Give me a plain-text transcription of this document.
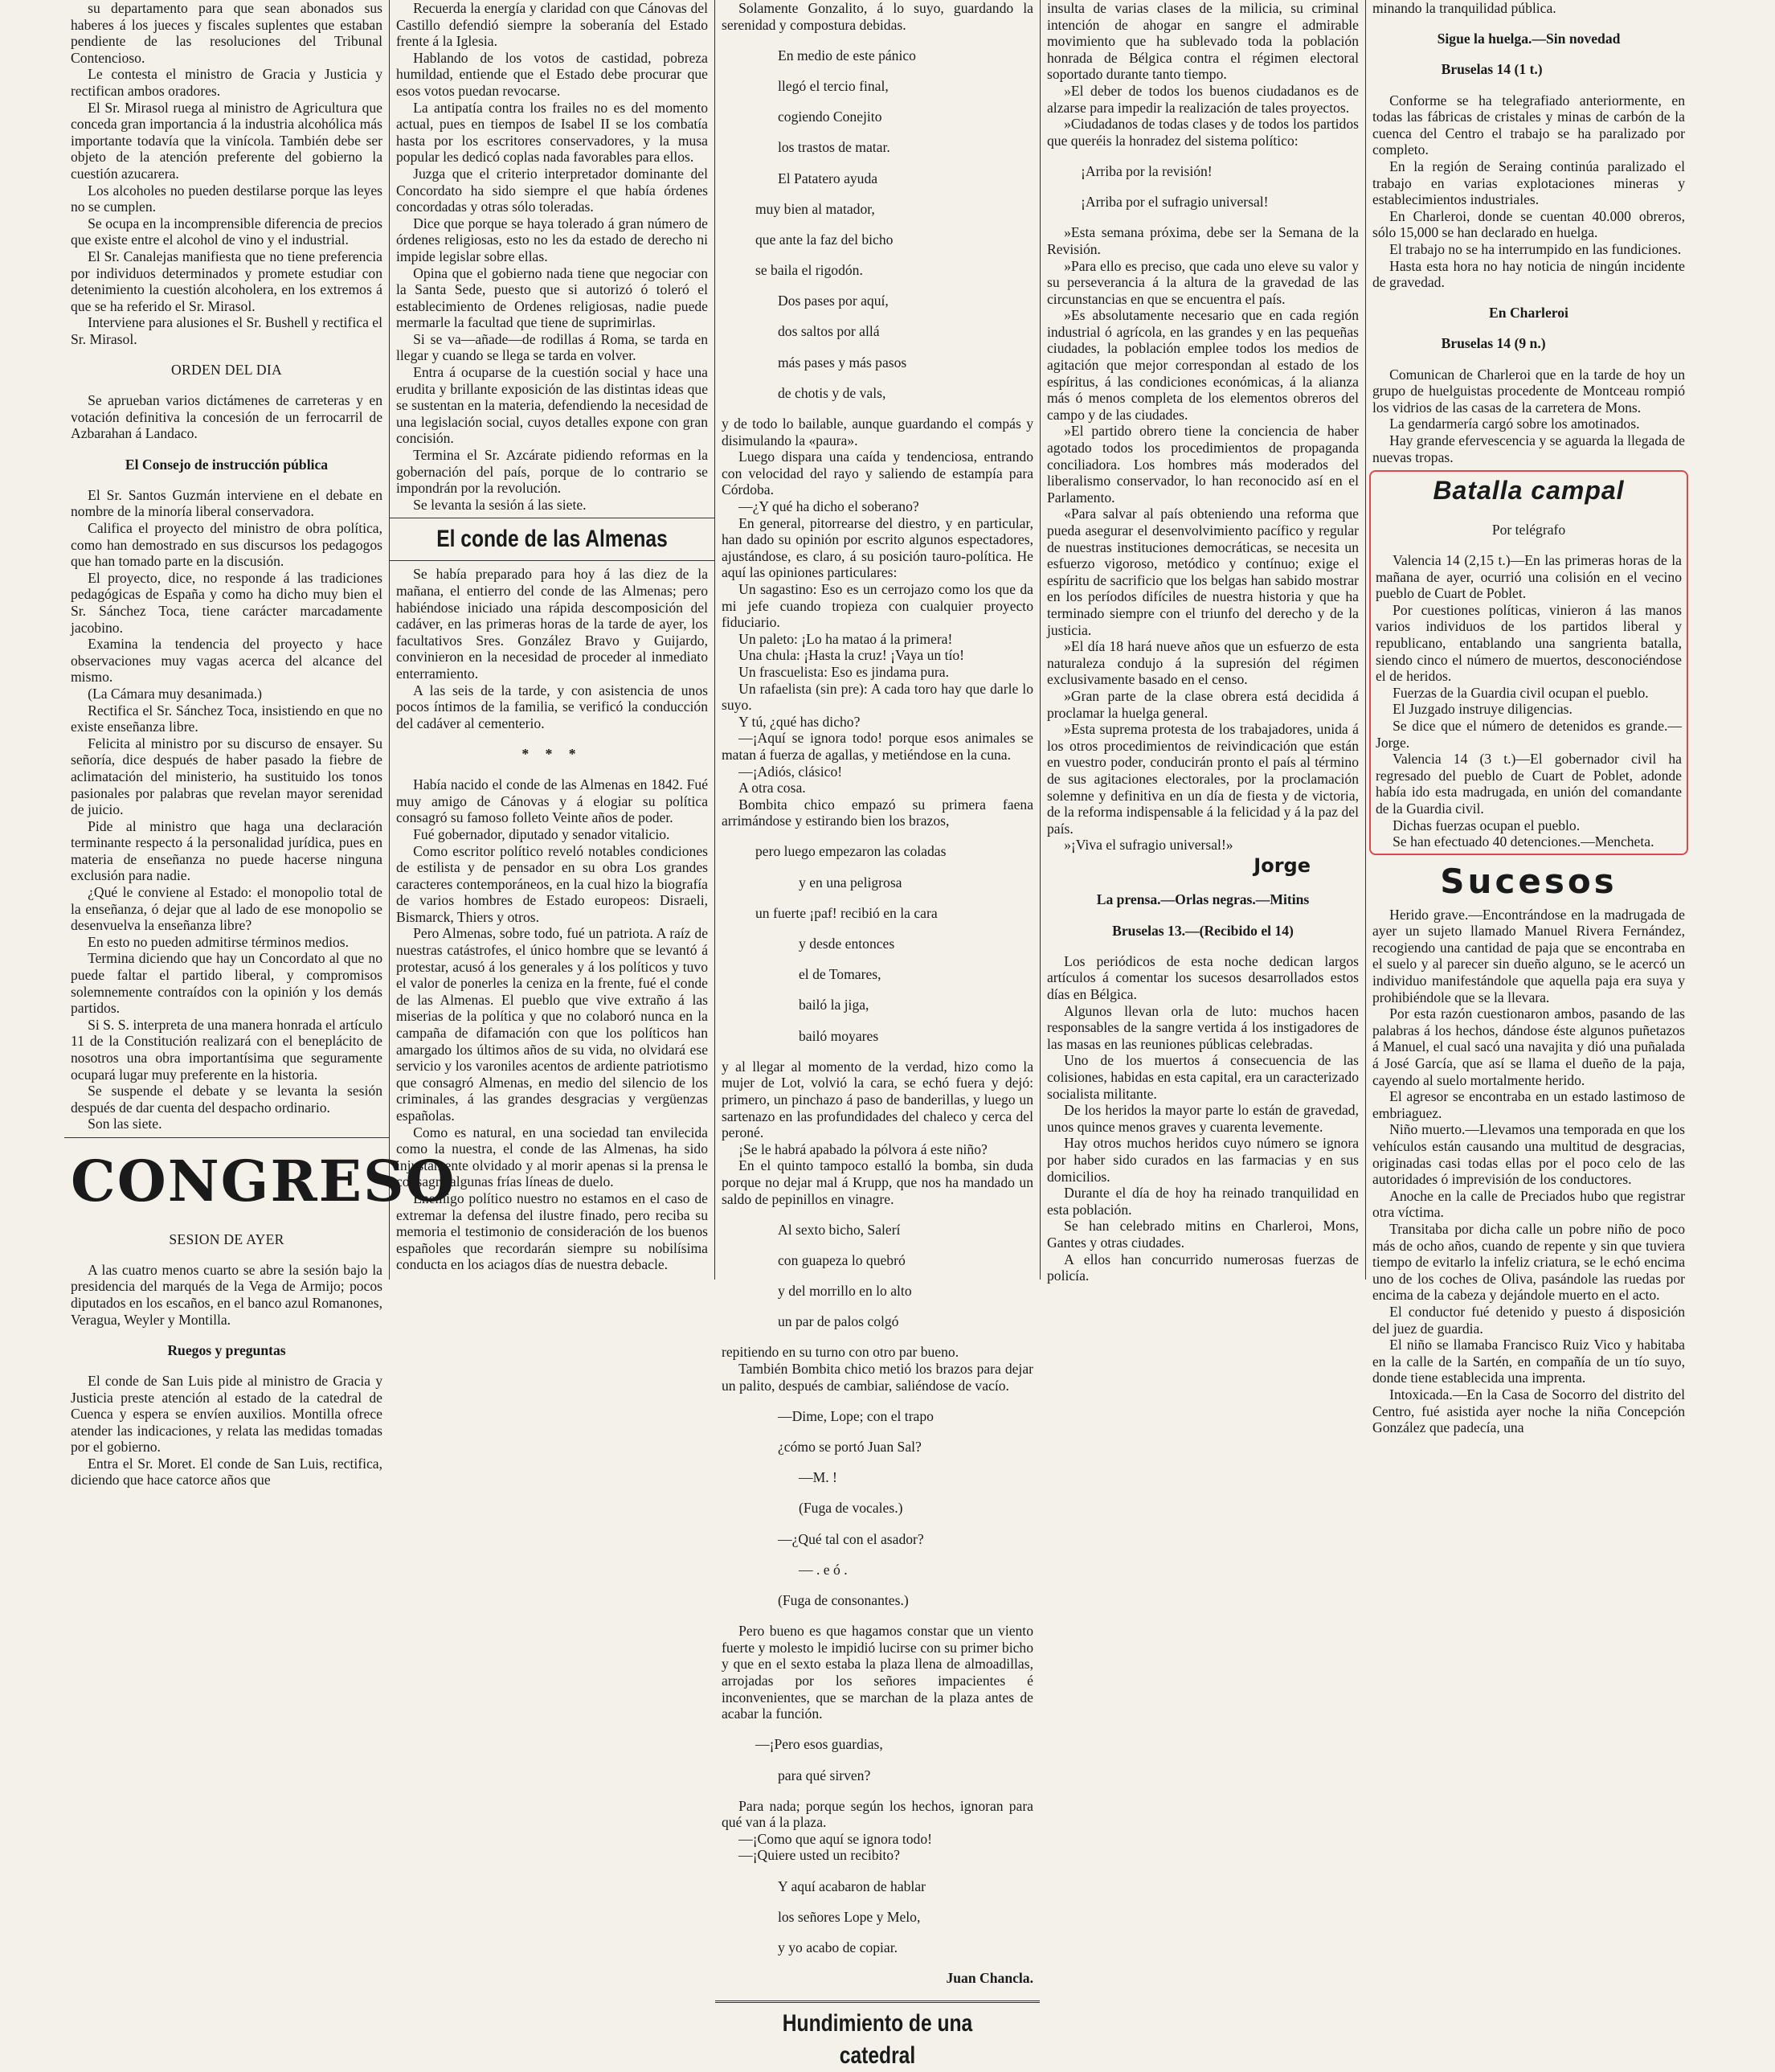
su departamento para que sean abonados sus haberes á los jueces y fiscales suplentes que estaban pendiente de las resoluciones del Tribunal Contencioso.

Le contesta el ministro de Gracia y Justicia y rectifican ambos oradores.

El Sr. Mirasol ruega al ministro de Agricultura que conceda gran importancia á la industria alcohólica más importante todavía que la vinícola. También debe ser objeto de la atención preferente del gobierno la cuestión azucarera.

Los alcoholes no pueden destilarse porque las leyes no se cumplen.

Se ocupa en la incomprensible diferencia de precios que existe entre el alcohol de vino y el industrial.

El Sr. Canalejas manifiesta que no tiene preferencia por individuos determinados y promete estudiar con detenimiento la cuestión alcoholera, en los extremos á que se ha referido el Sr. Mirasol.

Interviene para alusiones el Sr. Bushell y rectifica el Sr. Mirasol.

ORDEN DEL DIA

Se aprueban varios dictámenes de carreteras y en votación definitiva la concesión de un ferrocarril de Azbarahan á Landaco.

El Consejo de instrucción pública

El Sr. Santos Guzmán interviene en el debate en nombre de la minoría liberal conservadora.

Califica el proyecto del ministro de obra política, como han demostrado en sus discursos los pedagogos que han tomado parte en la discusión.

El proyecto, dice, no responde á las tradiciones pedagógicas de España y como ha dicho muy bien el Sr. Sánchez Toca, tiene carácter marcadamente jacobino.

Examina la tendencia del proyecto y hace observaciones muy vagas acerca del alcance del mismo.

(La Cámara muy desanimada.)

Rectifica el Sr. Sánchez Toca, insistiendo en que no existe enseñanza libre.

Felicita al ministro por su discurso de ensayer. Su señoría, dice después de haber pasado la fiebre de aclimatación del ministerio, ha sustituido los tonos pasionales por palabras que revelan mayor serenidad de juicio.

Pide al ministro que haga una declaración terminante respecto á la personalidad jurídica, pues en materia de enseñanza no puede hacerse ninguna exclusión para nadie.

¿Qué le conviene al Estado: el monopolio total de la enseñanza, ó dejar que al lado de ese monopolio se desenvuelva la enseñanza libre?

En esto no pueden admitirse términos medios.

Termina diciendo que hay un Concordato al que no puede faltar el partido liberal, y compromisos solemnemente contraídos con la opinión y los demás partidos.

Si S. S. interpreta de una manera honrada el artículo 11 de la Constitución realizará con el beneplácito de nosotros una obra importantísima que seguramente ocupará lugar muy preferente en la historia.

Se suspende el debate y se levanta la sesión después de dar cuenta del despacho ordinario.

Son las siete.

CONGRESO

SESION DE AYER

A las cuatro menos cuarto se abre la sesión bajo la presidencia del marqués de la Vega de Armijo; pocos diputados en los escaños, en el banco azul Romanones, Veragua, Weyler y Montilla.

Ruegos y preguntas

El conde de San Luis pide al ministro de Gracia y Justicia preste atención al estado de la catedral de Cuenca y espera se envíen auxilios. Montilla ofrece atender las indicaciones, y relata las medidas tomadas por el gobierno.

Entra el Sr. Moret. El conde de San Luis, rectifica, diciendo que hace catorce años que

Recuerda la energía y claridad con que Cánovas del Castillo defendió siempre la soberanía del Estado frente á la Iglesia.

Hablando de los votos de castidad, pobreza humildad, entiende que el Estado debe procurar que esos votos puedan revocarse.

La antipatía contra los frailes no es del momento actual, pues en tiempos de Isabel II se los combatía hasta por los escritores conservadores, y la musa popular les dedicó coplas nada favorables para ellos.

Juzga que el criterio interpretador dominante del Concordato ha sido siempre el que había órdenes concordadas y otras sólo toleradas.

Dice que porque se haya tolerado á gran número de órdenes religiosas, esto no les da estado de derecho ni impide legislar sobre ellas.

Opina que el gobierno nada tiene que negociar con la Santa Sede, puesto que si autorizó ó toleró el establecimiento de Ordenes religiosas, nadie puede mermarle la facultad que tiene de suprimirlas.

Si se va—añade—de rodillas á Roma, se tarda en llegar y cuando se llega se tarda en volver.

Entra á ocuparse de la cuestión social y hace una erudita y brillante exposición de las distintas ideas que se sustentan en la materia, defendiendo la necesidad de una legislación social, cuyos detalles expone con gran concisión.

Termina el Sr. Azcárate pidiendo reformas en la gobernación del país, porque de lo contrario se impondrán por la revolución.

Se levanta la sesión á las siete.

El conde de las Almenas

Se había preparado para hoy á las diez de la mañana, el entierro del conde de las Almenas; pero habiéndose iniciado una rápida descomposición del cadáver, en las primeras horas de la tarde de ayer, los facultativos Sres. González Bravo y Guijardo, convinieron en la necesidad de proceder al inmediato enterramiento.

A las seis de la tarde, y con asistencia de unos pocos íntimos de la familia, se verificó la conducción del cadáver al cementerio.

* * *

Había nacido el conde de las Almenas en 1842. Fué muy amigo de Cánovas y á elogiar su política consagró su famoso folleto Veinte años de poder.

Fué gobernador, diputado y senador vitalicio.

Como escritor político reveló notables condiciones de estilista y de pensador en su obra Los grandes caracteres contemporáneos, en la cual hizo la biografía de varios hombres de Estado europeos: Disraeli, Bismarck, Thiers y otros.

Pero Almenas, sobre todo, fué un patriota. A raíz de nuestras catástrofes, el único hombre que se levantó á protestar, acusó á los generales y á los políticos y tuvo el valor de ponerles la ceniza en la frente, fué el conde de las Almenas. El pueblo que vive extraño á las miserias de la política y que no colaboró nunca en la campaña de difamación con que los políticos han amargado los últimos años de su vida, no olvidará ese servicio y los varoniles acentos de ardiente patriotismo que consagró Almenas, en medio del silencio de los criminales, á las grandes desgracias y vergüenzas españolas.

Como es natural, en una sociedad tan envilecida como la nuestra, el conde de las Almenas, ha sido injustamente olvidado y al morir apenas si la prensa le consagra algunas frías líneas de duelo.

Enemigo político nuestro no estamos en el caso de extremar la defensa del ilustre finado, pero reciba su memoria el testimonio de consideración de los buenos españoles que recordarán siempre su nobilísima conducta en los aciagos días de nuestra debacle.

Solamente Gonzalito, á lo suyo, guardando la serenidad y compostura debidas.

En medio de este pánico

llegó el tercio final,

cogiendo Conejito

los trastos de matar.

El Patatero ayuda

muy bien al matador,

que ante la faz del bicho

se baila el rigodón.

Dos pases por aquí,

dos saltos por allá

más pases y más pasos

de chotis y de vals,

y de todo lo bailable, aunque guardando el compás y disimulando la «paura».

Luego dispara una caída y tendenciosa, entrando con velocidad del rayo y saliendo de estampía para Córdoba.

—¿Y qué ha dicho el soberano?

En general, pitorrearse del diestro, y en particular, han dado su opinión por escrito algunos espectadores, ajustándose, es claro, á su posición tauro-política. He aquí las opiniones particulares:

Un sagastino: Eso es un cerrojazo como los que da mi jefe cuando tropieza con cualquier proyecto fiduciario.

Un paleto: ¡Lo ha matao á la primera!

Una chula: ¡Hasta la cruz! ¡Vaya un tío!

Un frascuelista: Eso es jindama pura.

Un rafaelista (sin pre): A cada toro hay que darle lo suyo.

Y tú, ¿qué has dicho?

—¡Aquí se ignora todo! porque esos animales se matan á fuerza de agallas, y metiéndose en la cuna.

—¡Adiós, clásico!

A otra cosa.

Bombita chico empazó su primera faena arrimándose y estirando bien los brazos,

pero luego empezaron las coladas

y en una peligrosa

un fuerte ¡paf! recibió en la cara

y desde entonces

el de Tomares,

bailó la jiga,

bailó moyares

y al llegar al momento de la verdad, hizo como la mujer de Lot, volvió la cara, se echó fuera y dejó: primero, un pinchazo á paso de banderillas, y luego un sartenazo en las profundidades del chaleco y cerca del peroné.

¡Se le habrá apabado la pólvora á este niño?

En el quinto tampoco estalló la bomba, sin duda porque no dejar mal á Krupp, que nos ha mandado un saldo de pepinillos en vinagre.

Al sexto bicho, Salerí

con guapeza lo quebró

y del morrillo en lo alto

un par de palos colgó

repitiendo en su turno con otro par bueno.

También Bombita chico metió los brazos para dejar un palito, después de cambiar, saliéndose de vacío.

—Dime, Lope; con el trapo

¿cómo se portó Juan Sal?

—M. !

(Fuga de vocales.)

—¿Qué tal con el asador?

— . e ó .

(Fuga de consonantes.)

Pero bueno es que hagamos constar que un viento fuerte y molesto le impidió lucirse con su primer bicho y que en el sexto estaba la plaza llena de almoadillas, arrojadas por los señores impacientes é inconvenientes, que se marchan de la plaza antes de acabar la función.

—¡Pero esos guardias,

para qué sirven?

Para nada; porque según los hechos, ignoran para qué van á la plaza.

—¡Como que aquí se ignora todo!

—¡Quiere usted un recibito?

Y aquí acabaron de hablar

los señores Lope y Melo,

y yo acabo de copiar.

Juan Chancla.

Hundimiento de una catedral

insulta de varias clases de la milicia, su criminal intención de ahogar en sangre el admirable movimiento que ha sublevado toda la población honrada de Bélgica contra el régimen electoral soportado durante tanto tiempo.

»El deber de todos los buenos ciudadanos es de alzarse para impedir la realización de tales proyectos.

»Ciudadanos de todas clases y de todos los partidos que queréis la honradez del sistema político:

¡Arriba por la revisión!

¡Arriba por el sufragio universal!

»Esta semana próxima, debe ser la Semana de la Revisión.

»Para ello es preciso, que cada uno eleve su valor y su perseverancia á la altura de la gravedad de las circunstancias en que se encuentra el país.

»Es absolutamente necesario que en cada región industrial ó agrícola, en las grandes y en las pequeñas ciudades, la población emplee todos los medios de agitación que mejor correspondan al estado de los espíritus, á las condiciones económicas, á la alianza más ó menos completa de los elementos obreros del campo y de las ciudades.

»El partido obrero tiene la conciencia de haber agotado todos los procedimientos de propaganda conciliadora. Los hombres más moderados del liberalismo conservador, lo han reconocido así en el Parlamento.

«Para salvar al país obteniendo una reforma que pueda asegurar el desenvolvimiento pacífico y regular de nuestras instituciones democráticas, se necesita un esfuerzo vigoroso, metódico y contínuo; exige el espíritu de sacrificio que los belgas han sabido mostrar en los períodos difíciles de nuestra historia y que ha terminado siempre con el triunfo del derecho y de la justicia.

»El día 18 hará nueve años que un esfuerzo de esta naturaleza condujo á la supresión del régimen exclusivamente basado en el censo.

»Gran parte de la clase obrera está decidida á proclamar la huelga general.

»Esta suprema protesta de los trabajadores, unida á los otros procedimientos de reivindicación que están en vuestro poder, conducirán pronto el país al término de sus agitaciones electorales, por la proclamación solemne y definitiva en un día de fiesta y de victoria, de la reforma indispensable á la felicidad y á la paz del país.

»¡Viva el sufragio universal!»

Jorge

La prensa.—Orlas negras.—Mitins

Bruselas 13.—(Recibido el 14)

Los periódicos de esta noche dedican largos artículos á comentar los sucesos desarrollados estos días en Bélgica.

Algunos llevan orla de luto: muchos hacen responsables de la sangre vertida á los instigadores de las masas en las reuniones públicas celebradas.

Uno de los muertos á consecuencia de las colisiones, habidas en esta capital, era un caracterizado socialista militante.

De los heridos la mayor parte lo están de gravedad, unos quince menos graves y cuarenta levemente.

Hay otros muchos heridos cuyo número se ignora por haber sido curados en las farmacias y en sus domicilios.

Durante el día de hoy ha reinado tranquilidad en esta población.

Se han celebrado mitins en Charleroi, Mons, Gantes y otras ciudades.

A ellos han concurrido numerosas fuerzas de policía.

minando la tranquilidad pública.

Sigue la huelga.—Sin novedad

Bruselas 14 (1 t.)

Conforme se ha telegrafiado anteriormente, en todas las fábricas de cristales y minas de carbón de la cuenca del Centro el trabajo se ha paralizado por completo.

En la región de Seraing continúa paralizado el trabajo en varias explotaciones mineras y establecimientos industriales.

En Charleroi, donde se cuentan 40.000 obreros, sólo 15,000 se han declarado en huelga.

El trabajo no se ha interrumpido en las fundiciones.

Hasta esta hora no hay noticia de ningún incidente de gravedad.

En Charleroi

Bruselas 14 (9 n.)

Comunican de Charleroi que en la tarde de hoy un grupo de huelguistas procedente de Montceau rompió los vidrios de las casas de la carretera de Mons.

La gendarmería cargó sobre los amotinados.

Hay grande efervescencia y se aguarda la llegada de nuevas tropas.

Batalla campal

Por telégrafo

Valencia 14 (2,15 t.)—En las primeras horas de la mañana de ayer, ocurrió una colisión en el vecino pueblo de Cuart de Poblet.

Por cuestiones políticas, vinieron á las manos varios individuos de los partidos liberal y republicano, entablando una sangrienta batalla, siendo cinco el número de muertos, desconociéndose el de heridos.

Fuerzas de la Guardia civil ocupan el pueblo.

El Juzgado instruye diligencias.

Se dice que el número de detenidos es grande.—Jorge.

Valencia 14 (3 t.)—El gobernador civil ha regresado del pueblo de Cuart de Poblet, adonde había ido esta madrugada, en unión del comandante de la Guardia civil.

Dichas fuerzas ocupan el pueblo.

Se han efectuado 40 detenciones.—Mencheta.

Sucesos

Herido grave.—Encontrándose en la madrugada de ayer un sujeto llamado Manuel Rivera Fernández, recogiendo una cantidad de paja que se encontraba en el suelo y al parecer sin dueño alguno, se le acercó un individuo manifestándole que aquella paja era suya y prohibiéndole que se la llevara.

Por esta razón cuestionaron ambos, pasando de las palabras á los hechos, dándose éste algunos puñetazos á Manuel, el cual sacó una navajita y dió una puñalada á José García, que así se llama el dueño de la paja, cayendo al suelo mortalmente herido.

El agresor se encontraba en un estado lastimoso de embriaguez.

Niño muerto.—Llevamos una temporada en que los vehículos están causando una multitud de desgracias, originadas casi todas ellas por el poco celo de las autoridades ó imprevisión de los conductores.

Anoche en la calle de Preciados hubo que registrar otra víctima.

Transitaba por dicha calle un pobre niño de poco más de ocho años, cuando de repente y sin que tuviera tiempo de evitarlo la infeliz criatura, se le echó encima uno de los coches de Oliva, pasándole las ruedas por encima de la cabeza y dejándole muerto en el acto.

El conductor fué detenido y puesto á disposición del juez de guardia.

El niño se llamaba Francisco Ruiz Vico y habitaba en la calle de la Sartén, en compañía de un tío suyo, donde tiene establecida una imprenta.

Intoxicada.—En la Casa de Socorro del distrito del Centro, fué asistida ayer noche la niña Concepción González que padecía, una
